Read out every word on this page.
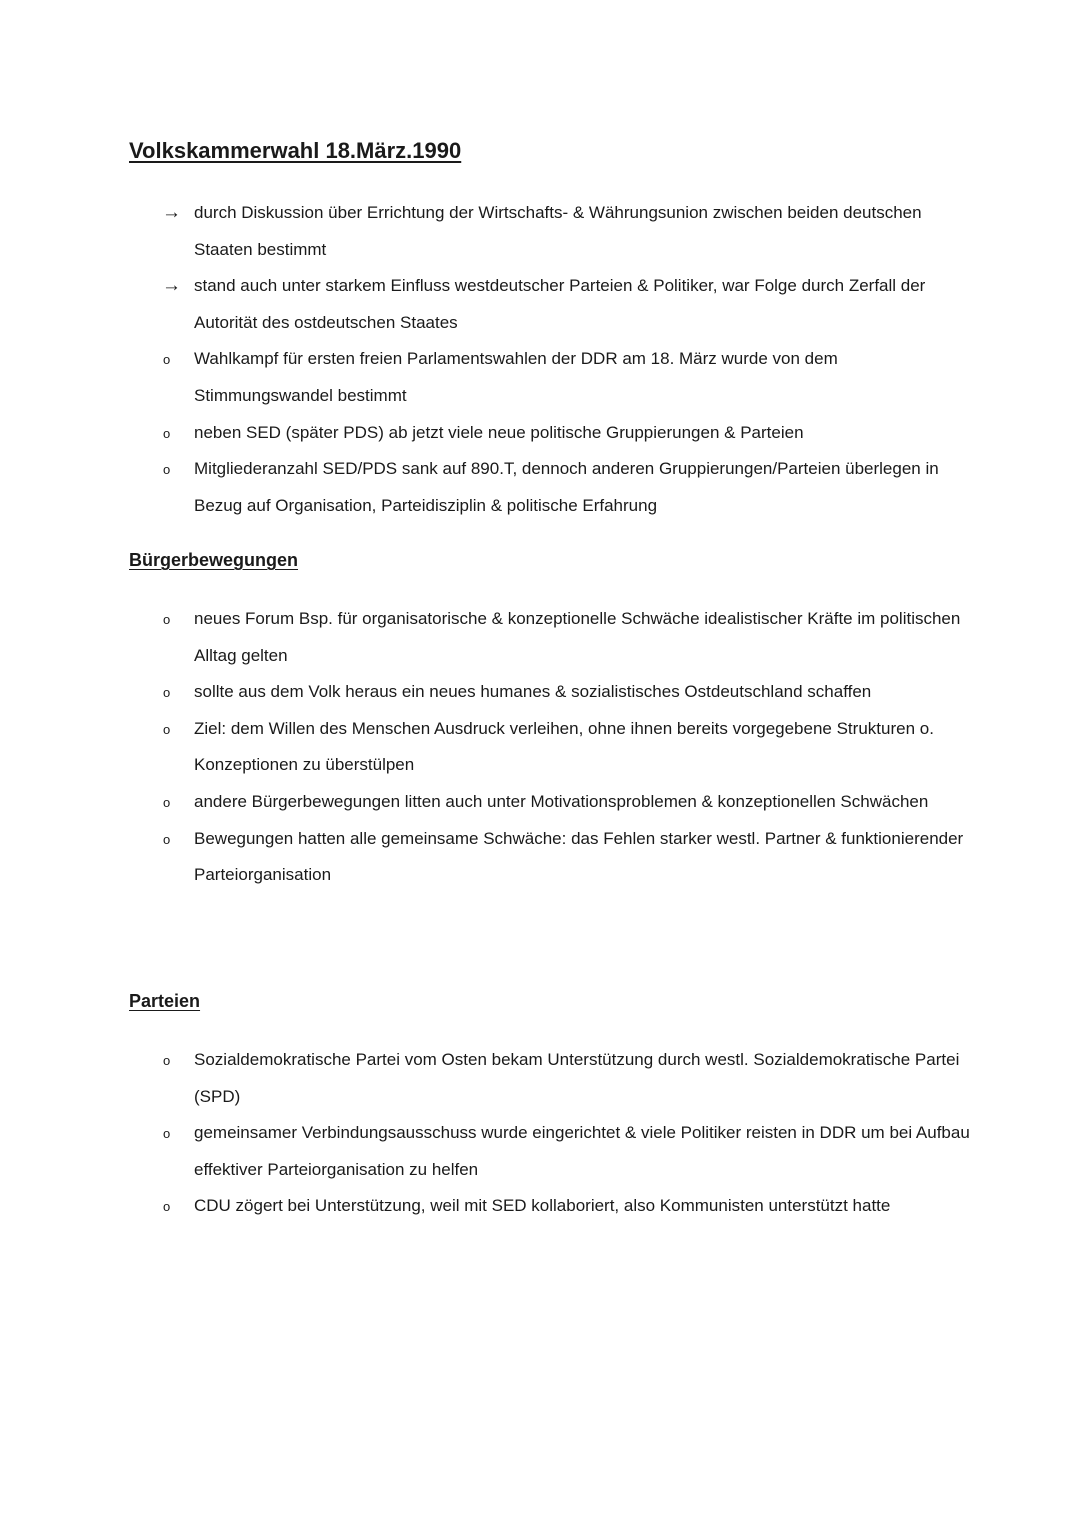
Volkskammerwahl 18.März.1990
→ durch Diskussion über Errichtung der Wirtschafts- & Währungsunion zwischen beiden deutschen Staaten bestimmt
→ stand auch unter starkem Einfluss westdeutscher Parteien & Politiker, war Folge durch Zerfall der Autorität des ostdeutschen Staates
o	Wahlkampf für ersten freien Parlamentswahlen der DDR am 18. März wurde von dem Stimmungswandel bestimmt
o	neben SED (später PDS) ab jetzt viele neue politische Gruppierungen & Parteien
o	Mitgliederanzahl SED/PDS sank auf 890.T, dennoch anderen Gruppierungen/Parteien überlegen in Bezug auf Organisation, Parteidisziplin & politische Erfahrung
Bürgerbewegungen
o	neues Forum Bsp. für organisatorische & konzeptionelle Schwäche idealistischer Kräfte im politischen Alltag gelten
o	sollte aus dem Volk heraus ein neues humanes & sozialistisches Ostdeutschland schaffen
o	Ziel: dem Willen des Menschen Ausdruck verleihen, ohne ihnen bereits vorgegebene Strukturen o. Konzeptionen zu überstülpen
o	andere Bürgerbewegungen litten auch unter Motivationsproblemen & konzeptionellen Schwächen
o	Bewegungen hatten alle gemeinsame Schwäche: das Fehlen starker westl. Partner & funktionierender Parteiorganisation
Parteien
o	Sozialdemokratische Partei vom Osten bekam Unterstützung durch westl. Sozialdemokratische Partei (SPD)
o	gemeinsamer Verbindungsausschuss wurde eingerichtet & viele Politiker reisten in DDR um bei Aufbau effektiver Parteiorganisation zu helfen
o	CDU zögert bei Unterstützung, weil mit SED kollaboriert, also Kommunisten unterstützt hatte
